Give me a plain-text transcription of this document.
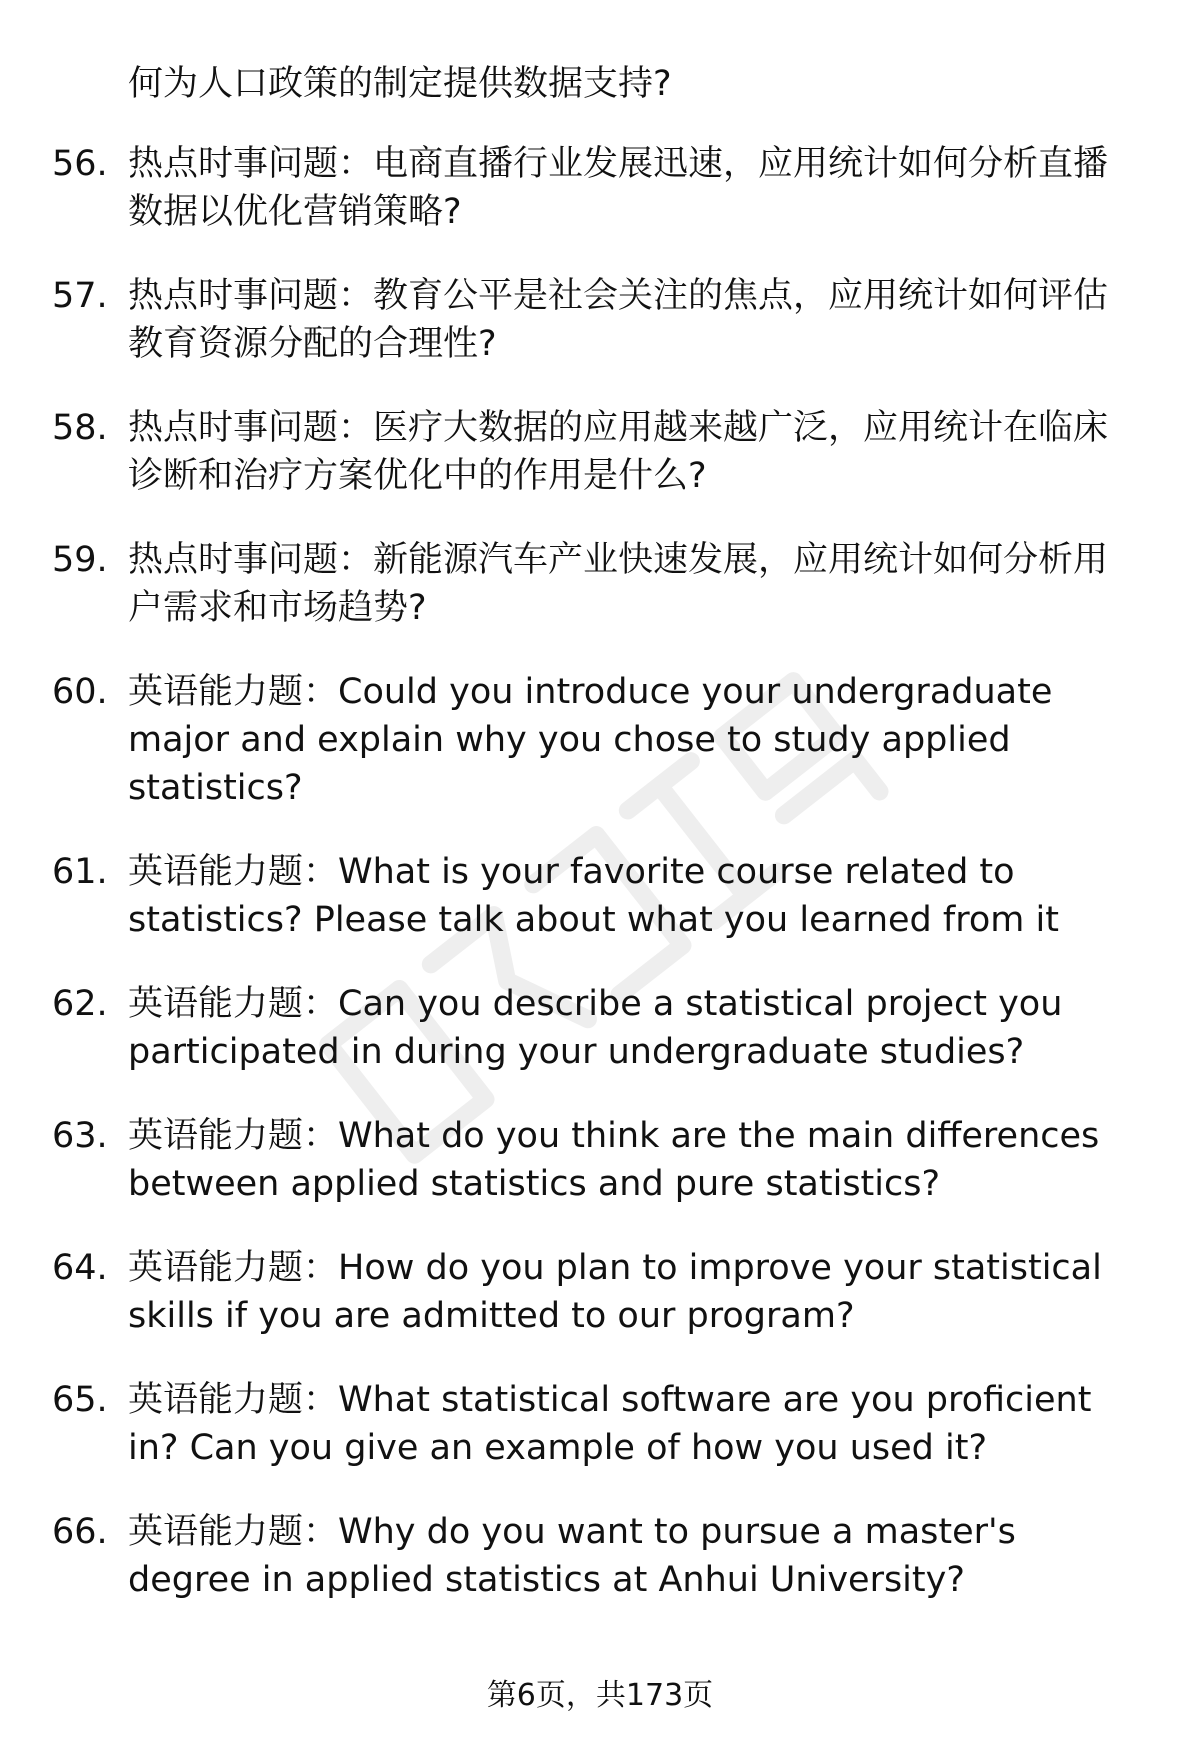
何为人口政策的制定提供数据支持?
56. 热点时事问题：电商直播行业发展迅速，应用统计如何分析直播数据以优化营销策略?
57. 热点时事问题：教育公平是社会关注的焦点，应用统计如何评估教育资源分配的合理性?
58. 热点时事问题：医疗大数据的应用越来越广泛，应用统计在临床诊断和治疗方案优化中的作用是什么?
59. 热点时事问题：新能源汽车产业快速发展，应用统计如何分析用户需求和市场趋势?
60. 英语能力题：Could you introduce your undergraduate major and explain why you chose to study applied statistics?
61. 英语能力题：What is your favorite course related to statistics? Please talk about what you learned from it
62. 英语能力题：Can you describe a statistical project you participated in during your undergraduate studies?
63. 英语能力题：What do you think are the main differences between applied statistics and pure statistics?
64. 英语能力题：How do you plan to improve your statistical skills if you are admitted to our program?
65. 英语能力题：What statistical software are you proficient in? Can you give an example of how you used it?
66. 英语能力题：Why do you want to pursue a master's degree in applied statistics at Anhui University?
第6页，共173页
